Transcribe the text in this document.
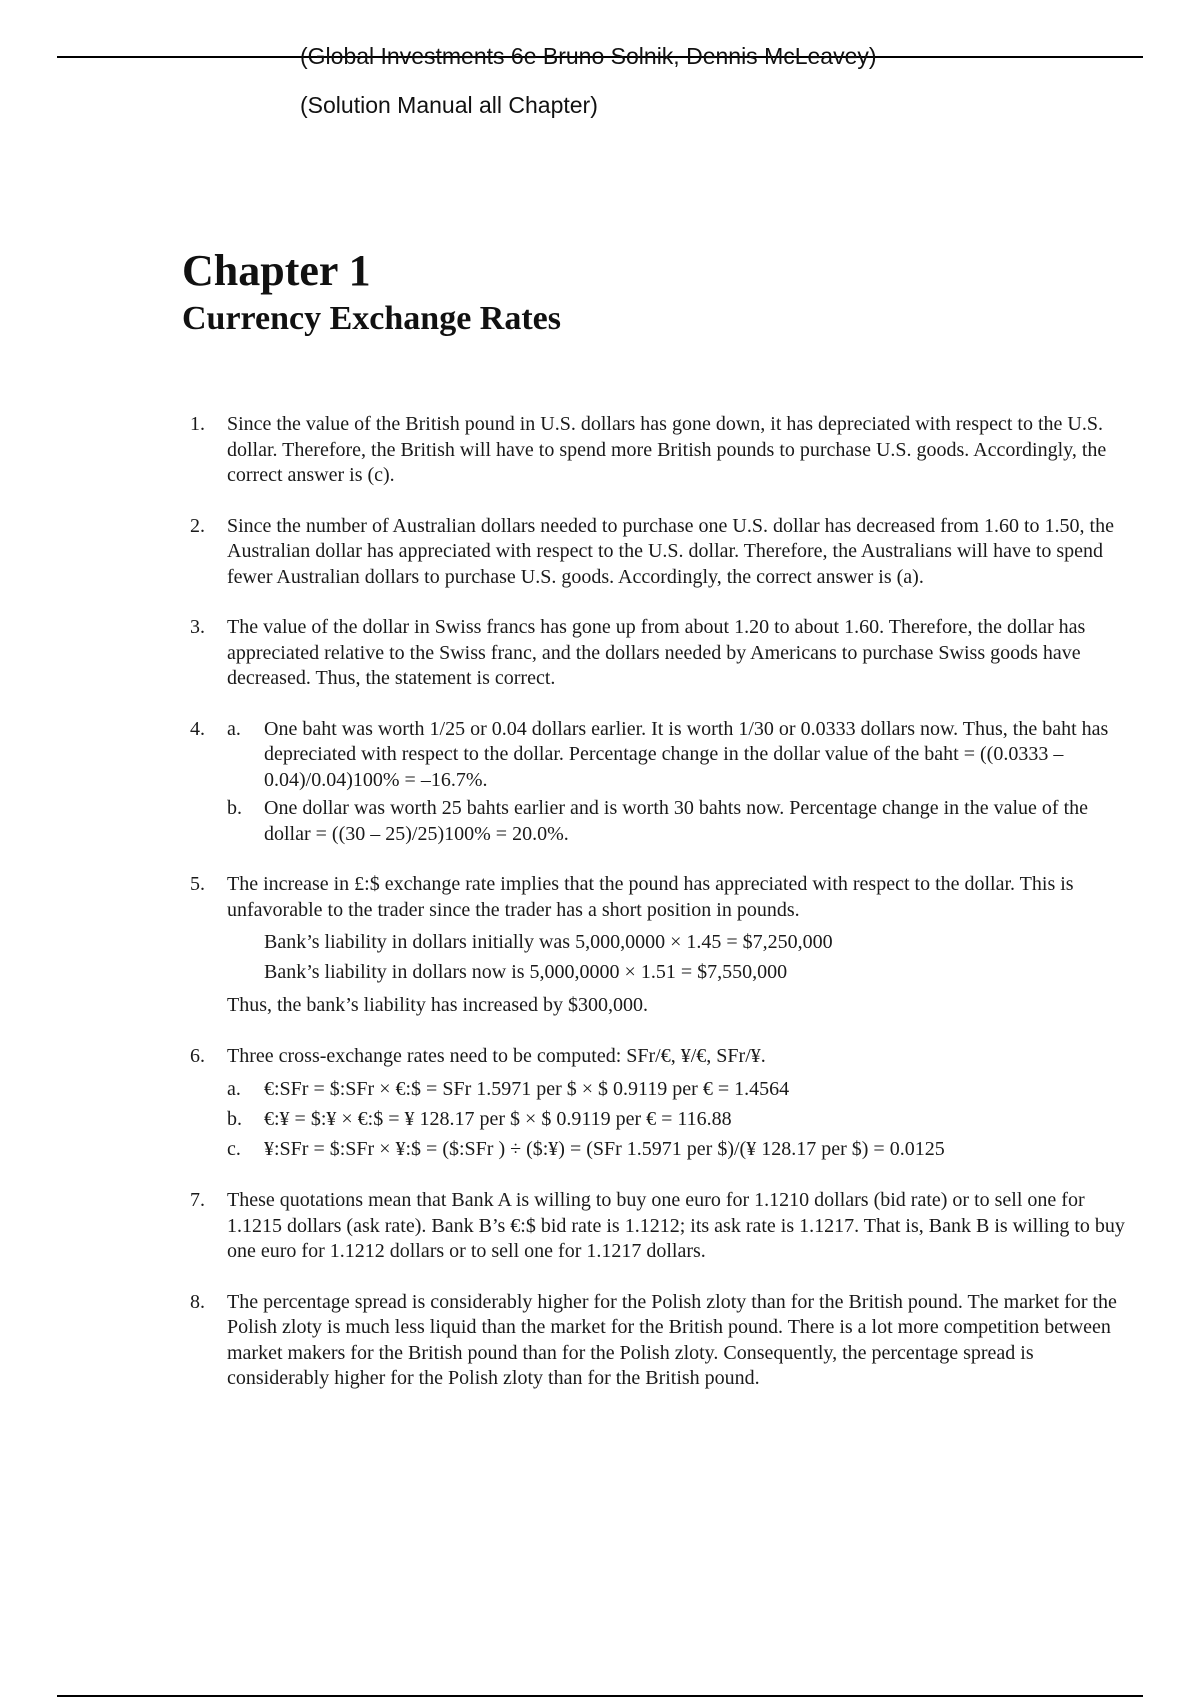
(Global Investments 6e Bruno Solnik, Dennis McLeavey)
(Solution Manual all Chapter)
Chapter 1
Currency Exchange Rates
1. Since the value of the British pound in U.S. dollars has gone down, it has depreciated with respect to the U.S. dollar. Therefore, the British will have to spend more British pounds to purchase U.S. goods. Accordingly, the correct answer is (c).

2. Since the number of Australian dollars needed to purchase one U.S. dollar has decreased from 1.60 to 1.50, the Australian dollar has appreciated with respect to the U.S. dollar. Therefore, the Australians will have to spend fewer Australian dollars to purchase U.S. goods. Accordingly, the correct answer is (a).

3. The value of the dollar in Swiss francs has gone up from about 1.20 to about 1.60. Therefore, the dollar has appreciated relative to the Swiss franc, and the dollars needed by Americans to purchase Swiss goods have decreased. Thus, the statement is correct.

4. a. One baht was worth 1/25 or 0.04 dollars earlier. It is worth 1/30 or 0.0333 dollars now. Thus, the baht has depreciated with respect to the dollar. Percentage change in the dollar value of the baht = ((0.0333 – 0.04)/0.04)100% = –16.7%.
b. One dollar was worth 25 bahts earlier and is worth 30 bahts now. Percentage change in the value of the dollar = ((30 – 25)/25)100% = 20.0%.
5. The increase in £:$ exchange rate implies that the pound has appreciated with respect to the dollar. This is unfavorable to the trader since the trader has a short position in pounds.

Bank’s liability in dollars initially was 5,000,0000 × 1.45 = $7,250,000

Bank’s liability in dollars now is 5,000,0000 × 1.51 = $7,550,000

Thus, the bank’s liability has increased by $300,000.

6. Three cross-exchange rates need to be computed: SFr/€, ¥/€, SFr/¥.

a. €:SFr = $:SFr × €:$ = SFr 1.5971 per $ × $ 0.9119 per € = 1.4564
b. €:¥ = $:¥ × €:$ = ¥ 128.17 per $ × $ 0.9119 per € = 116.88
c. ¥:SFr = $:SFr × ¥:$ = ($:SFr ) ÷ ($:¥) = (SFr 1.5971 per $)/(¥ 128.17 per $) = 0.0125
7. These quotations mean that Bank A is willing to buy one euro for 1.1210 dollars (bid rate) or to sell one for 1.1215 dollars (ask rate). Bank B’s €:$ bid rate is 1.1212; its ask rate is 1.1217. That is, Bank B is willing to buy one euro for 1.1212 dollars or to sell one for 1.1217 dollars.

8. The percentage spread is considerably higher for the Polish zloty than for the British pound. The market for the Polish zloty is much less liquid than the market for the British pound. There is a lot more competition between market makers for the British pound than for the Polish zloty. Consequently, the percentage spread is considerably higher for the Polish zloty than for the British pound.
